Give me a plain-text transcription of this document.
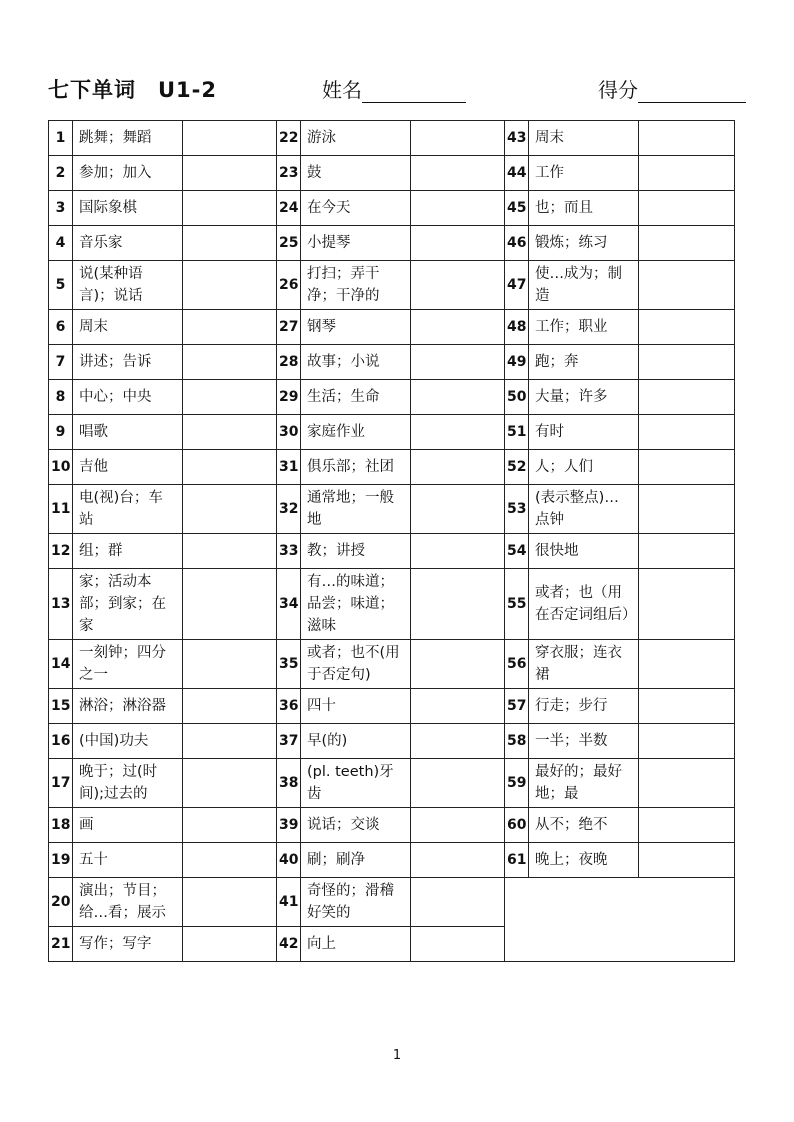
七下单词 U1-2	姓名	得分
1	跳舞；舞蹈		22	游泳		43	周末	
2	参加；加入		23	鼓		44	工作	
3	国际象棋		24	在今天		45	也；而且	
4	音乐家		25	小提琴		46	锻炼；练习	
5	说(某种语言)；说话		26	打扫；弄干净；干净的		47	使…成为；制造	
6	周末		27	钢琴		48	工作；职业	
7	讲述；告诉		28	故事；小说		49	跑；奔	
8	中心；中央		29	生活；生命		50	大量；许多	
9	唱歌		30	家庭作业		51	有时	
10	吉他		31	俱乐部；社团		52	人；人们	
11	电(视)台；车站		32	通常地；一般地		53	(表示整点)…点钟	
12	组；群		33	教；讲授		54	很快地	
13	家；活动本部；到家；在家		34	有…的味道；品尝；味道；滋味		55	或者；也（用在否定词组后）	
14	一刻钟；四分之一		35	或者；也不(用于否定句)		56	穿衣服；连衣裙	
15	淋浴；淋浴器		36	四十		57	行走；步行	
16	(中国)功夫		37	早(的)		58	一半；半数	
17	晚于；过(时间);过去的		38	(pl. teeth)牙齿		59	最好的；最好地；最	
18	画		39	说话；交谈		60	从不；绝不	
19	五十		40	刷；刷净		61	晚上；夜晚	
20	演出；节目；给…看；展示		41	奇怪的；滑稽好笑的				
21	写作；写字		42	向上				
1
